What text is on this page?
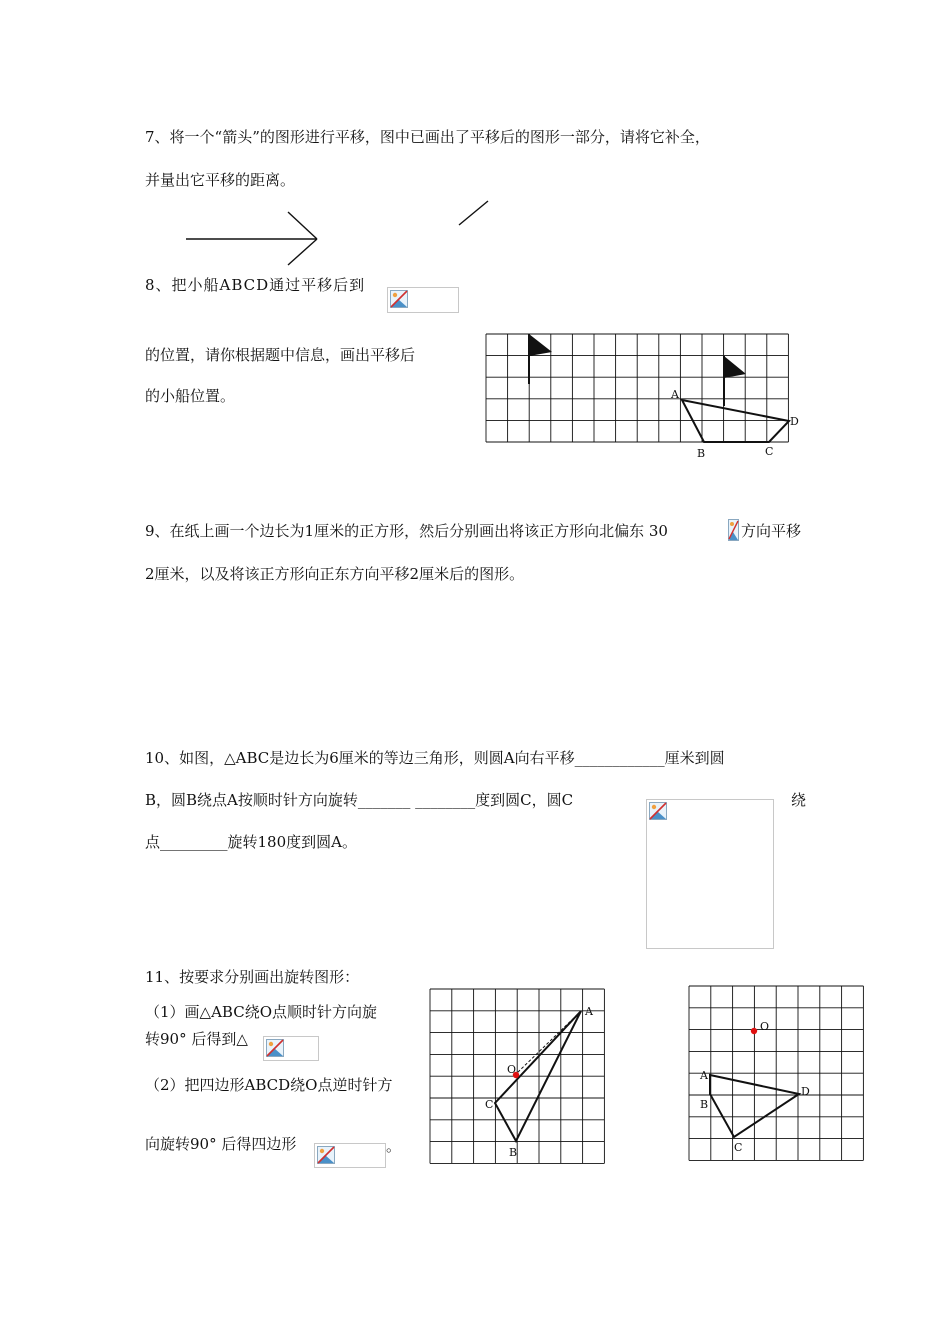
7、将一个“箭头”的图形进行平移，图中已画出了平移后的图形一部分，请将它补全，
并量出它平移的距离。
8、把小船ABCD通过平移后到
的位置，请你根据题中信息，画出平移后
的小船位置。	A
B	C
D
9、在纸上画一个边长为1厘米的正方形，然后分别画出将该正方形向北偏东 30	方向平移
2厘米，以及将该正方形向正东方向平移2厘米后的图形。
10、如图，△ABC是边长为6厘米的等边三角形，则圆A向右平移____________厘米到圆
B，圆B绕点A按顺时针方向旋转_______ ________度到圆C，圆C	绕
点_________旋转180度到圆A。
11、按要求分别画出旋转图形：
（1）画△ABC绕O点顺时针方向旋
转90° 后得到△
（2）把四边形ABCD绕O点逆时针方
向旋转90° 后得四边形	。
A
B
C
O	A
B
C
D
O
